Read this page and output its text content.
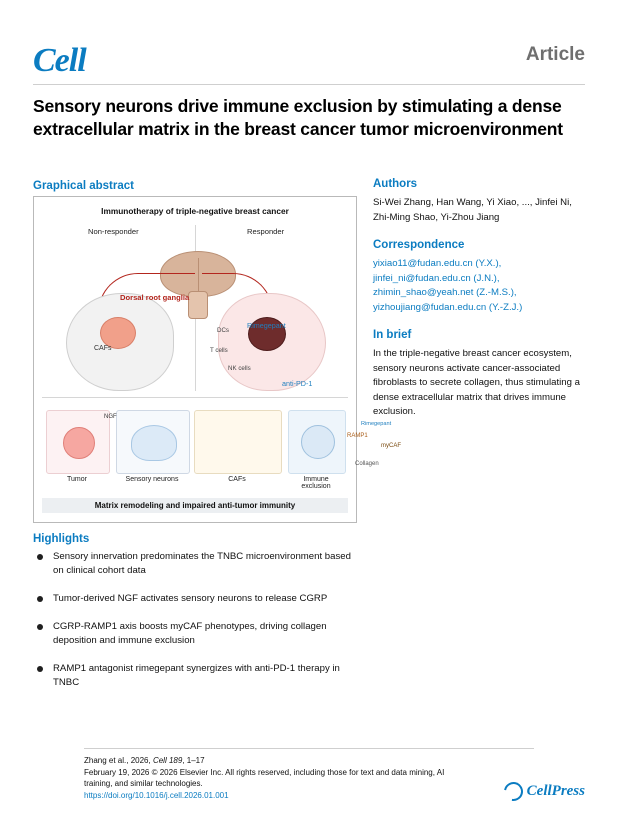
Cell	Article
Sensory neurons drive immune exclusion by stimulating a dense extracellular matrix in the breast cancer tumor microenvironment
Graphical abstract
Immunotherapy of triple-negative breast cancer
Non-responder	Responder
Dorsal root ganglia
CAFs
Rimegepant
DCs
T cells
NK cells
anti-PD-1
Rimegepant
RAMP1
myCAF
Collagen
NGF
Tumor	Sensory neurons	CAFs	Immune exclusion
Matrix remodeling and impaired anti-tumor immunity
Authors
Si-Wei Zhang, Han Wang, Yi Xiao, ..., Jinfei Ni, Zhi-Ming Shao, Yi-Zhou Jiang
Correspondence
yixiao11@fudan.edu.cn (Y.X.),
jinfei_ni@fudan.edu.cn (J.N.),
zhimin_shao@yeah.net (Z.-M.S.),
yizhoujiang@fudan.edu.cn (Y.-Z.J.)
In brief
In the triple-negative breast cancer ecosystem, sensory neurons activate cancer-associated fibroblasts to secrete collagen, thus stimulating a dense extracellular matrix that drives immune exclusion.
Highlights
Sensory innervation predominates the TNBC microenvironment based on clinical cohort data
Tumor-derived NGF activates sensory neurons to release CGRP
CGRP-RAMP1 axis boosts myCAF phenotypes, driving collagen deposition and immune exclusion
RAMP1 antagonist rimegepant synergizes with anti-PD-1 therapy in TNBC
Zhang et al., 2026, Cell 189, 1–17
February 19, 2026 © 2026 Elsevier Inc. All rights reserved, including those for text and data mining, AI training, and similar technologies.
https://doi.org/10.1016/j.cell.2026.01.001	CellPress
